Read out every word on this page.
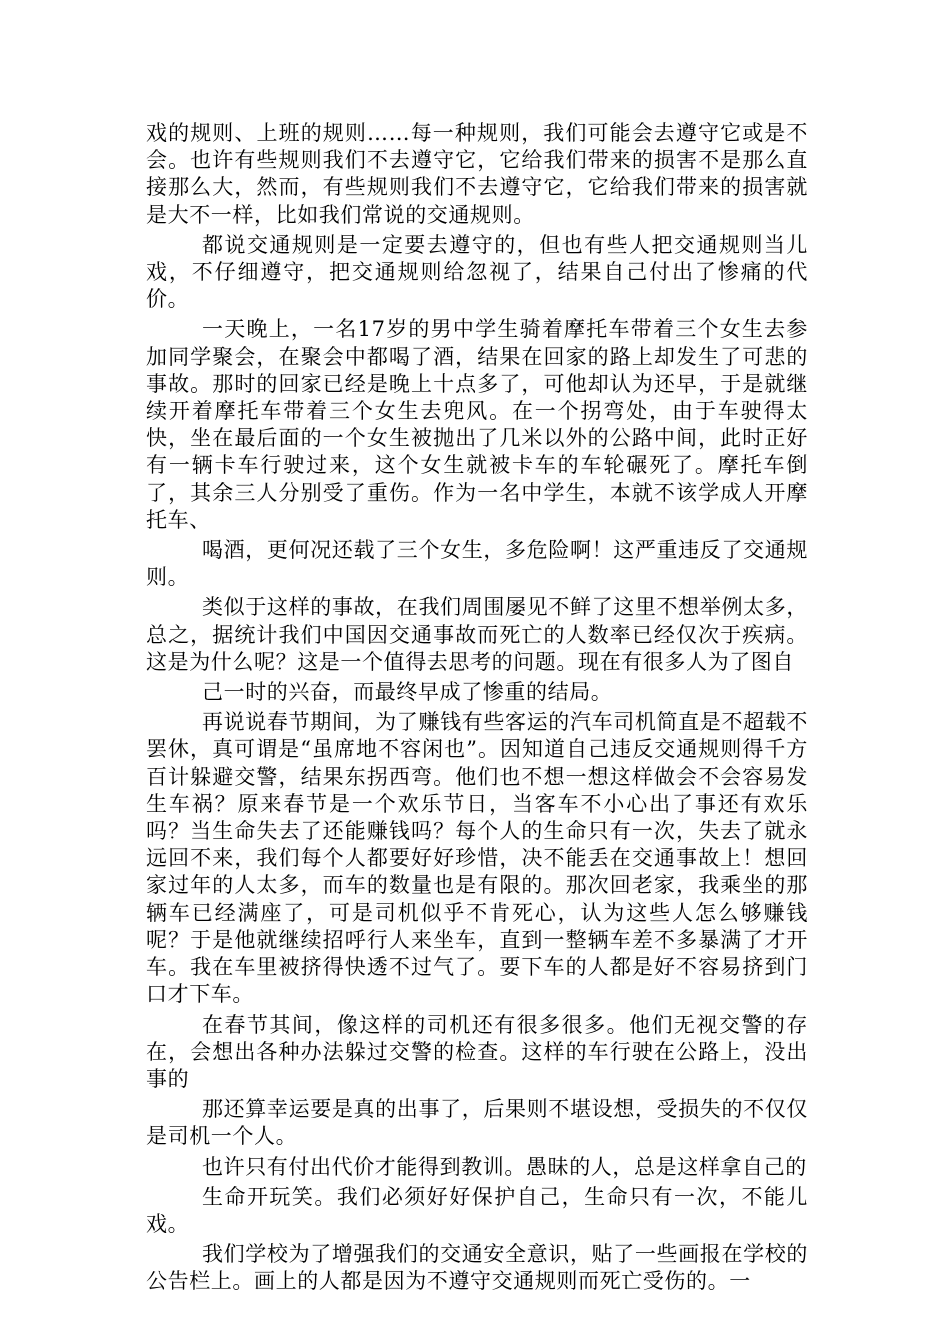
戏的规则、上班的规则……每一种规则，我们可能会去遵守它或是不会。也许有些规则我们不去遵守它，它给我们带来的损害不是那么直接那么大，然而，有些规则我们不去遵守它，它给我们带来的损害就是大不一样，比如我们常说的交通规则。

都说交通规则是一定要去遵守的，但也有些人把交通规则当儿戏，不仔细遵守，把交通规则给忽视了，结果自己付出了惨痛的代价。

一天晚上，一名17岁的男中学生骑着摩托车带着三个女生去参加同学聚会，在聚会中都喝了酒，结果在回家的路上却发生了可悲的事故。那时的回家已经是晚上十点多了，可他却认为还早，于是就继续开着摩托车带着三个女生去兜风。在一个拐弯处，由于车驶得太快，坐在最后面的一个女生被抛出了几米以外的公路中间，此时正好有一辆卡车行驶过来，这个女生就被卡车的车轮碾死了。摩托车倒了，其余三人分别受了重伤。作为一名中学生，本就不该学成人开摩托车、

喝酒，更何况还载了三个女生，多危险啊！这严重违反了交通规则。

类似于这样的事故，在我们周围屡见不鲜了这里不想举例太多，总之，据统计我们中国因交通事故而死亡的人数率已经仅次于疾病。这是为什么呢？这是一个值得去思考的问题。现在有很多人为了图自

己一时的兴奋，而最终早成了惨重的结局。

再说说春节期间，为了赚钱有些客运的汽车司机简直是不超载不罢休，真可谓是“虽席地不容闲也”。因知道自己违反交通规则得千方百计躲避交警，结果东拐西弯。他们也不想一想这样做会不会容易发生车祸？原来春节是一个欢乐节日，当客车不小心出了事还有欢乐吗？当生命失去了还能赚钱吗？每个人的生命只有一次，失去了就永远回不来，我们每个人都要好好珍惜，决不能丢在交通事故上！想回家过年的人太多，而车的数量也是有限的。那次回老家，我乘坐的那辆车已经满座了，可是司机似乎不肯死心，认为这些人怎么够赚钱呢？于是他就继续招呼行人来坐车，直到一整辆车差不多暴满了才开车。我在车里被挤得快透不过气了。要下车的人都是好不容易挤到门口才下车。

在春节其间，像这样的司机还有很多很多。他们无视交警的存在，会想出各种办法躲过交警的检查。这样的车行驶在公路上，没出事的

那还算幸运要是真的出事了，后果则不堪设想，受损失的不仅仅是司机一个人。

也许只有付出代价才能得到教训。愚昧的人，总是这样拿自己的

生命开玩笑。我们必须好好保护自己，生命只有一次，不能儿戏。

我们学校为了增强我们的交通安全意识，贴了一些画报在学校的公告栏上。画上的人都是因为不遵守交通规则而死亡受伤的。一
